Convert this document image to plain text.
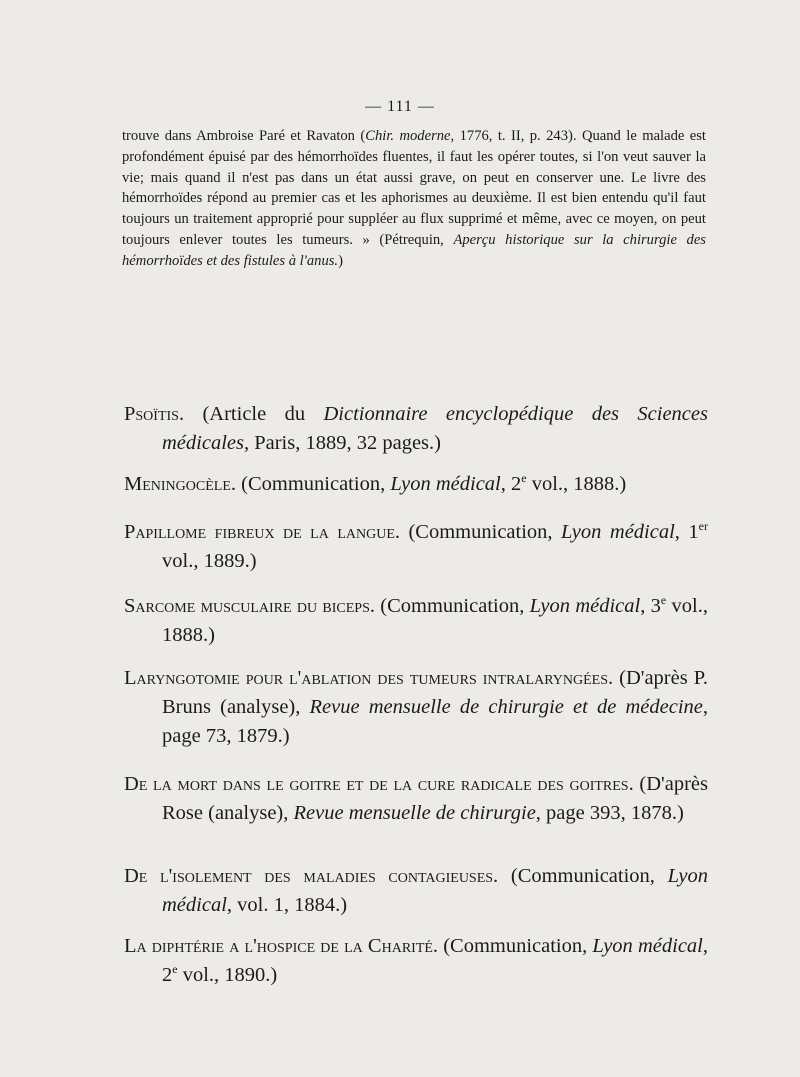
— 111 —

trouve dans Ambroise Paré et Ravaton (Chir. moderne, 1776, t. II, p. 243). Quand le malade est profondément épuisé par des hémorrhoïdes fluentes, il faut les opérer toutes, si l'on veut sauver la vie; mais quand il n'est pas dans un état aussi grave, on peut en conserver une. Le livre des hémorrhoïdes répond au premier cas et les aphorismes au deuxième. Il est bien entendu qu'il faut toujours un traitement approprié pour suppléer au flux supprimé et même, avec ce moyen, on peut toujours enlever toutes les tumeurs. » (Pétrequin, Aperçu historique sur la chirurgie des hémorrhoïdes et des fistules à l'anus.)

Psoïtis. (Article du Dictionnaire encyclopédique des Sciences médicales, Paris, 1889, 32 pages.)
Meningocèle. (Communication, Lyon médical, 2e vol., 1888.)
Papillome fibreux de la langue. (Communication, Lyon médical, 1er vol., 1889.)
Sarcome musculaire du biceps. (Communication, Lyon médical, 3e vol., 1888.)
Laryngotomie pour l'ablation des tumeurs intralaryngées. (D'après P. Bruns (analyse), Revue mensuelle de chirurgie et de médecine, page 73, 1879.)
De la mort dans le goitre et de la cure radicale des goitres. (D'après Rose (analyse), Revue mensuelle de chirurgie, page 393, 1878.)
De l'isolement des maladies contagieuses. (Communication, Lyon médical, vol. 1, 1884.)
La diphtérie a l'hospice de la Charité. (Communication, Lyon médical, 2e vol., 1890.)
